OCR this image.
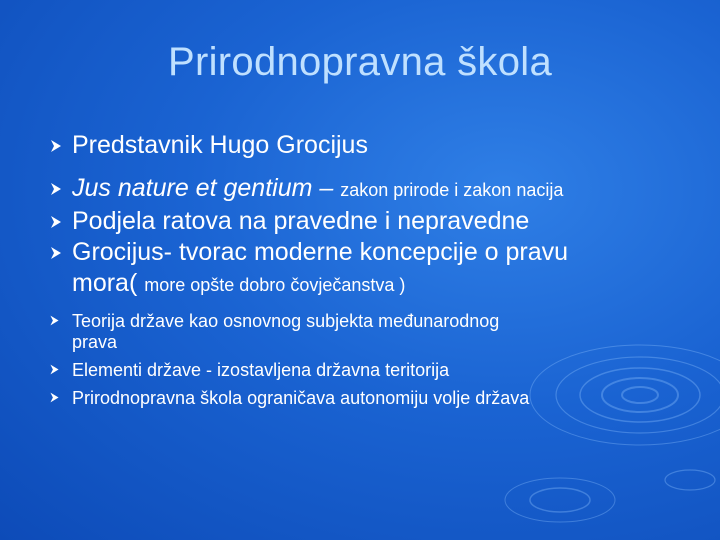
Prirodnopravna škola
Predstavnik Hugo Grocijus
Jus nature et gentium – zakon prirode i zakon nacija
Podjela ratova na pravedne i nepravedne
Grocijus- tvorac moderne koncepcije o pravu
mora( more opšte dobro čovječanstva )
Teorija države kao osnovnog subjekta međunarodnog prava
Elementi države - izostavljena državna teritorija
Prirodnopravna škola ograničava autonomiju volje država
